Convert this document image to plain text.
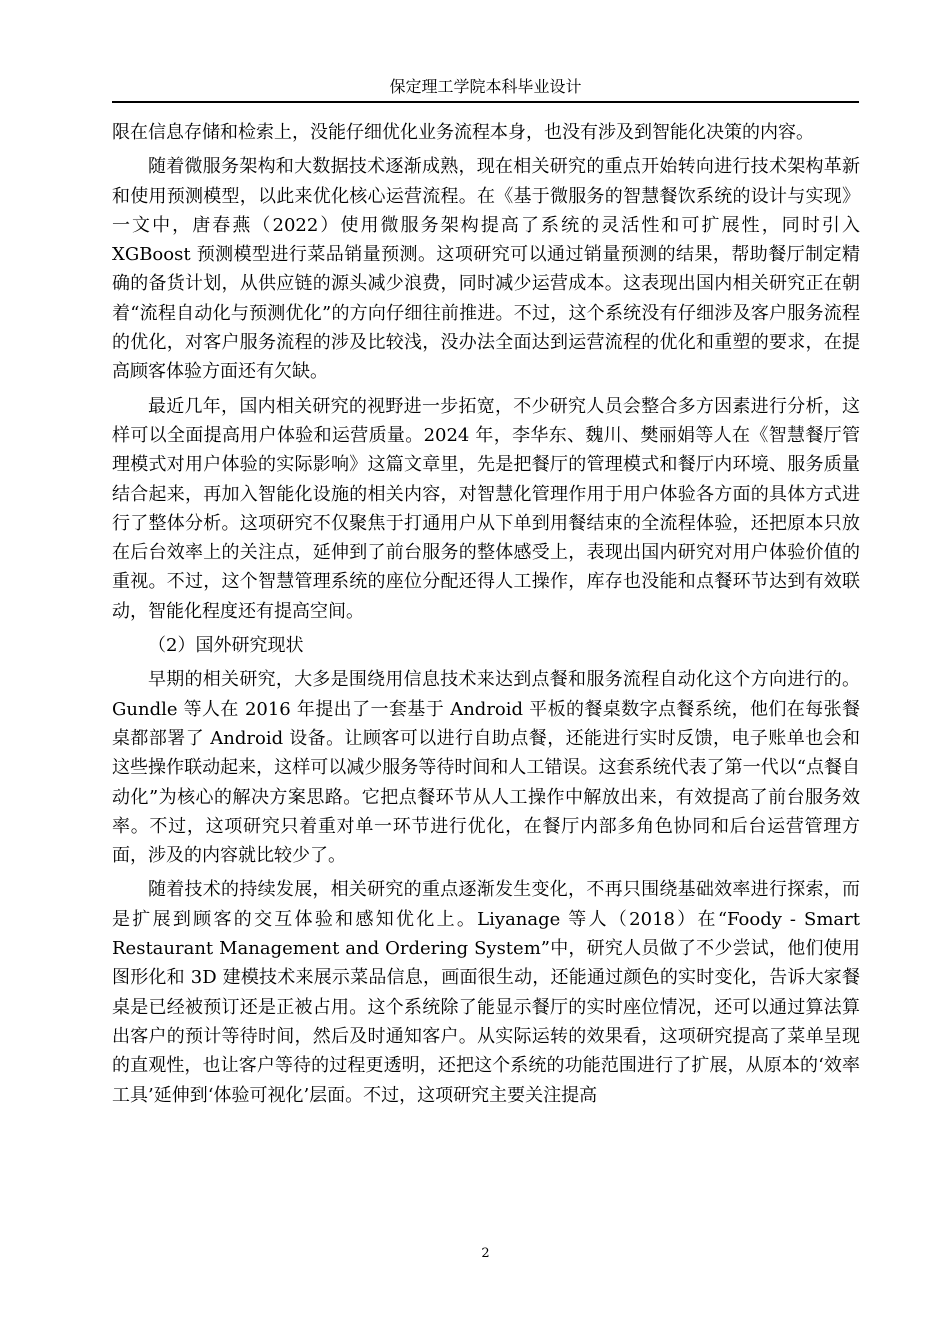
保定理工学院本科毕业设计

限在信息存储和检索上，没能仔细优化业务流程本身，也没有涉及到智能化决策的内容。

随着微服务架构和大数据技术逐渐成熟，现在相关研究的重点开始转向进行技术架构革新和使用预测模型，以此来优化核心运营流程。在《基于微服务的智慧餐饮系统的设计与实现》一文中，唐春燕（2022）使用微服务架构提高了系统的灵活性和可扩展性，同时引入 XGBoost 预测模型进行菜品销量预测。这项研究可以通过销量预测的结果，帮助餐厅制定精确的备货计划，从供应链的源头减少浪费，同时减少运营成本。这表现出国内相关研究正在朝着“流程自动化与预测优化”的方向仔细往前推进。不过，这个系统没有仔细涉及客户服务流程的优化，对客户服务流程的涉及比较浅，没办法全面达到运营流程的优化和重塑的要求，在提高顾客体验方面还有欠缺。

最近几年，国内相关研究的视野进一步拓宽，不少研究人员会整合多方因素进行分析，这样可以全面提高用户体验和运营质量。2024 年，李华东、魏川、樊丽娟等人在《智慧餐厅管理模式对用户体验的实际影响》这篇文章里，先是把餐厅的管理模式和餐厅内环境、服务质量结合起来，再加入智能化设施的相关内容，对智慧化管理作用于用户体验各方面的具体方式进行了整体分析。这项研究不仅聚焦于打通用户从下单到用餐结束的全流程体验，还把原本只放在后台效率上的关注点，延伸到了前台服务的整体感受上，表现出国内研究对用户体验价值的重视。不过，这个智慧管理系统的座位分配还得人工操作，库存也没能和点餐环节达到有效联动，智能化程度还有提高空间。

（2）国外研究现状

早期的相关研究，大多是围绕用信息技术来达到点餐和服务流程自动化这个方向进行的。Gundle 等人在 2016 年提出了一套基于 Android 平板的餐桌数字点餐系统，他们在每张餐桌都部署了 Android 设备。让顾客可以进行自助点餐，还能进行实时反馈，电子账单也会和这些操作联动起来，这样可以减少服务等待时间和人工错误。这套系统代表了第一代以“点餐自动化”为核心的解决方案思路。它把点餐环节从人工操作中解放出来，有效提高了前台服务效率。不过，这项研究只着重对单一环节进行优化，在餐厅内部多角色协同和后台运营管理方面，涉及的内容就比较少了。

随着技术的持续发展，相关研究的重点逐渐发生变化，不再只围绕基础效率进行探索，而是扩展到顾客的交互体验和感知优化上。Liyanage 等人（2018）在“Foody - Smart Restaurant Management and Ordering System”中，研究人员做了不少尝试，他们使用图形化和 3D 建模技术来展示菜品信息，画面很生动，还能通过颜色的实时变化，告诉大家餐桌是已经被预订还是正被占用。这个系统除了能显示餐厅的实时座位情况，还可以通过算法算出客户的预计等待时间，然后及时通知客户。从实际运转的效果看，这项研究提高了菜单呈现的直观性，也让客户等待的过程更透明，还把这个系统的功能范围进行了扩展，从原本的‘效率工具’延伸到‘体验可视化’层面。不过，这项研究主要关注提高

2
